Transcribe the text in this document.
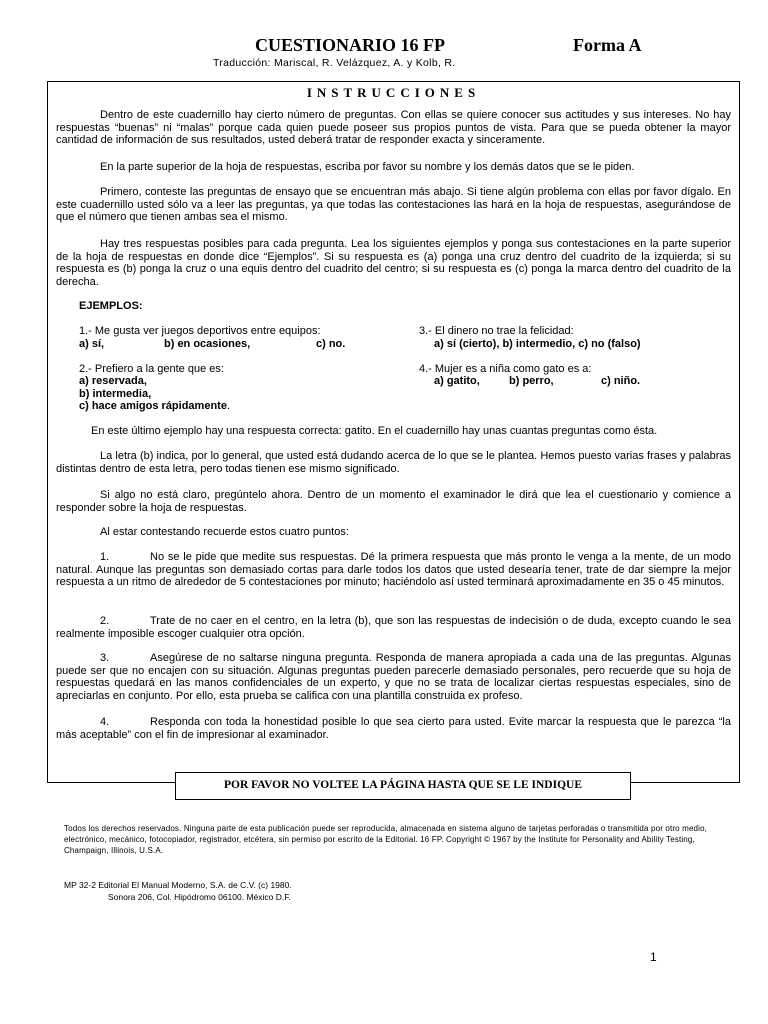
CUESTIONARIO 16 FP	Forma A
Traducción: Mariscal, R. Velázquez, A. y Kolb, R.
INSTRUCCIONES

Dentro de este cuadernillo hay cierto número de preguntas. Con ellas se quiere conocer sus actitudes y sus intereses. No hay respuestas “buenas” ni “malas” porque cada quien puede poseer sus propios puntos de vista. Para que se pueda obtener la mayor cantidad de información de sus resultados, usted deberá tratar de responder exacta y sinceramente.

En la parte superior de la hoja de respuestas, escriba por favor su nombre y los demás datos que se le piden.

Primero, conteste las preguntas de ensayo que se encuentran más abajo. Si tiene algún problema con ellas por favor dígalo. En este cuadernillo usted sólo va a leer las preguntas, ya que todas las contestaciones las hará en la hoja de respuestas, asegurándose de que el número que tienen ambas sea el mismo.

Hay tres respuestas posibles para cada pregunta. Lea los siguientes ejemplos y ponga sus contestaciones en la parte superior de la hoja de respuestas en donde dice “Ejemplos”. Si su respuesta es (a) ponga una cruz dentro del cuadrito de la izquierda; si su respuesta es (b) ponga la cruz o una equis dentro del cuadrito del centro; si su respuesta es (c) ponga la marca dentro del cuadrito de la derecha.

EJEMPLOS:
1.- Me gusta ver juegos deportivos entre equipos:
a) sí,	b) en ocasiones,	c) no.
3.- El dinero no trae la felicidad:
a) sí (cierto), b) intermedio, c) no (falso)
2.- Prefiero a la gente que es:
a) reservada,
b) intermedia,
c) hace amigos rápidamente.
4.- Mujer es a niña como gato es a:
a) gatito,	b) perro,	c) niño.

En este último ejemplo hay una respuesta correcta: gatito. En el cuadernillo hay unas cuantas preguntas como ésta.

La letra (b) indica, por lo general, que usted está dudando acerca de lo que se le plantea. Hemos puesto varias frases y palabras distintas dentro de esta letra, pero todas tienen ese mismo significado.

Si algo no está claro, pregúntelo ahora. Dentro de un momento el examinador le dirá que lea el cuestionario y comience a responder sobre la hoja de respuestas.

Al estar contestando recuerde estos cuatro puntos:

1.	No se le pide que medite sus respuestas. Dé la primera respuesta que más pronto le venga a la mente, de un modo natural. Aunque las preguntas son demasiado cortas para darle todos los datos que usted desearía tener, trate de dar siempre la mejor respuesta a un ritmo de alrededor de 5 contestaciones por minuto; haciéndolo así usted terminará aproximadamente en 35 o 45 minutos.

2.	Trate de no caer en el centro, en la letra (b), que son las respuestas de indecisión o de duda, excepto cuando le sea realmente imposible escoger cualquier otra opción.

3.	Asegúrese de no saltarse ninguna pregunta. Responda de manera apropiada a cada una de las preguntas. Algunas puede ser que no encajen con su situación. Algunas preguntas pueden parecerle demasiado personales, pero recuerde que su hoja de respuestas quedará en las manos confidenciales de un experto, y que no se trata de localizar ciertas respuestas especiales, sino de apreciarlas en conjunto. Por ello, esta prueba se califica con una plantilla construida ex profeso.

4.	Responda con toda la honestidad posible lo que sea cierto para usted. Evite marcar la respuesta que le parezca “la más aceptable” con el fin de impresionar al examinador.

POR FAVOR NO VOLTEE LA PÁGINA HASTA QUE SE LE INDIQUE
Todos los derechos reservados. Ninguna parte de esta publicación puede ser reproducida, almacenada en sistema alguno de tarjetas perforadas o transmitida por otro medio, electrónico, mecánico, fotocopiador, registrador, etcétera, sin permiso por escrito de la Editorial. 16 FP. Copyright © 1967 by the Institute for Personality and Ability Testing, Champaign, Illinois, U.S.A.
MP 32-2 Editorial El Manual Moderno, S.A. de C.V. (c) 1980.
Sonora 206, Col. Hipódromo 06100. México D.F.
1
